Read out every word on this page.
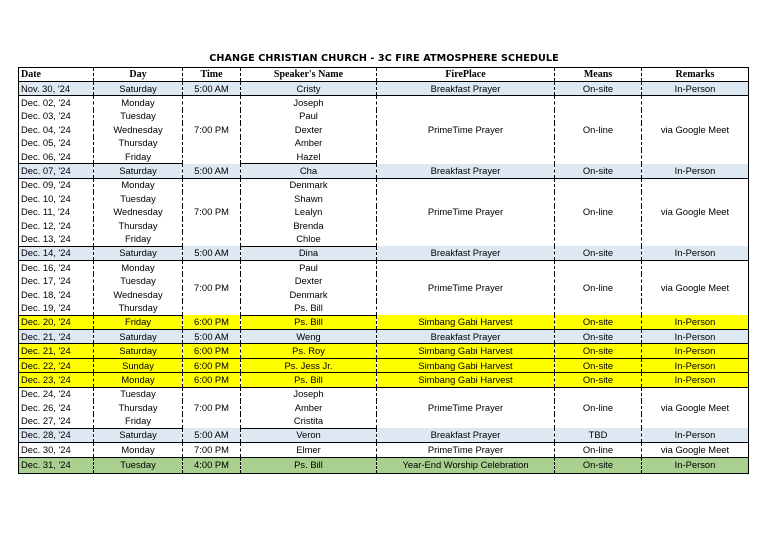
CHANGE CHRISTIAN CHURCH - 3C FIRE ATMOSPHERE SCHEDULE
Date	Day	Time	Speaker's Name	FirePlace	Means	Remarks
Nov. 30, '24	Saturday	5:00 AM	Cristy	Breakfast Prayer	On-site	In-Person
Dec. 02, '24	Monday	7:00 PM	Joseph	PrimeTime Prayer	On-line	via Google Meet
Dec. 03, '24	Tuesday		Paul			
Dec. 04, '24	Wednesday		Dexter			
Dec. 05, '24	Thursday		Amber			
Dec. 06, '24	Friday		Hazel			
Dec. 07, '24	Saturday	5:00 AM	Cha	Breakfast Prayer	On-site	In-Person
Dec. 09, '24	Monday	7:00 PM	Denmark	PrimeTime Prayer	On-line	via Google Meet
Dec. 10, '24	Tuesday		Shawn			
Dec. 11, '24	Wednesday		Lealyn			
Dec. 12, '24	Thursday		Brenda			
Dec. 13, '24	Friday		Chloe			
Dec. 14, '24	Saturday	5:00 AM	Dina	Breakfast Prayer	On-site	In-Person
Dec. 16, '24	Monday	7:00 PM	Paul	PrimeTime Prayer	On-line	via Google Meet
Dec. 17, '24	Tuesday		Dexter			
Dec. 18, '24	Wednesday		Denmark			
Dec. 19, '24	Thursday		Ps. Bill			
Dec. 20, '24	Friday	6:00 PM	Ps. Bill	Simbang Gabi Harvest	On-site	In-Person
Dec. 21, '24	Saturday	5:00 AM	Weng	Breakfast Prayer	On-site	In-Person
Dec. 21, '24	Saturday	6:00 PM	Ps. Roy	Simbang Gabi Harvest	On-site	In-Person
Dec. 22, '24	Sunday	6:00 PM	Ps. Jess Jr.	Simbang Gabi Harvest	On-site	In-Person
Dec. 23, '24	Monday	6:00 PM	Ps. Bill	Simbang Gabi Harvest	On-site	In-Person
Dec. 24, '24	Tuesday	7:00 PM	Joseph	PrimeTime Prayer	On-line	via Google Meet
Dec. 26, '24	Thursday		Amber			
Dec. 27, '24	Friday		Cristita			
Dec. 28, '24	Saturday	5:00 AM	Veron	Breakfast Prayer	TBD	In-Person
Dec. 30, '24	Monday	7:00 PM	Elmer	PrimeTime Prayer	On-line	via Google Meet
Dec. 31, '24	Tuesday	4:00 PM	Ps. Bill	Year-End Worship Celebration	On-site	In-Person
